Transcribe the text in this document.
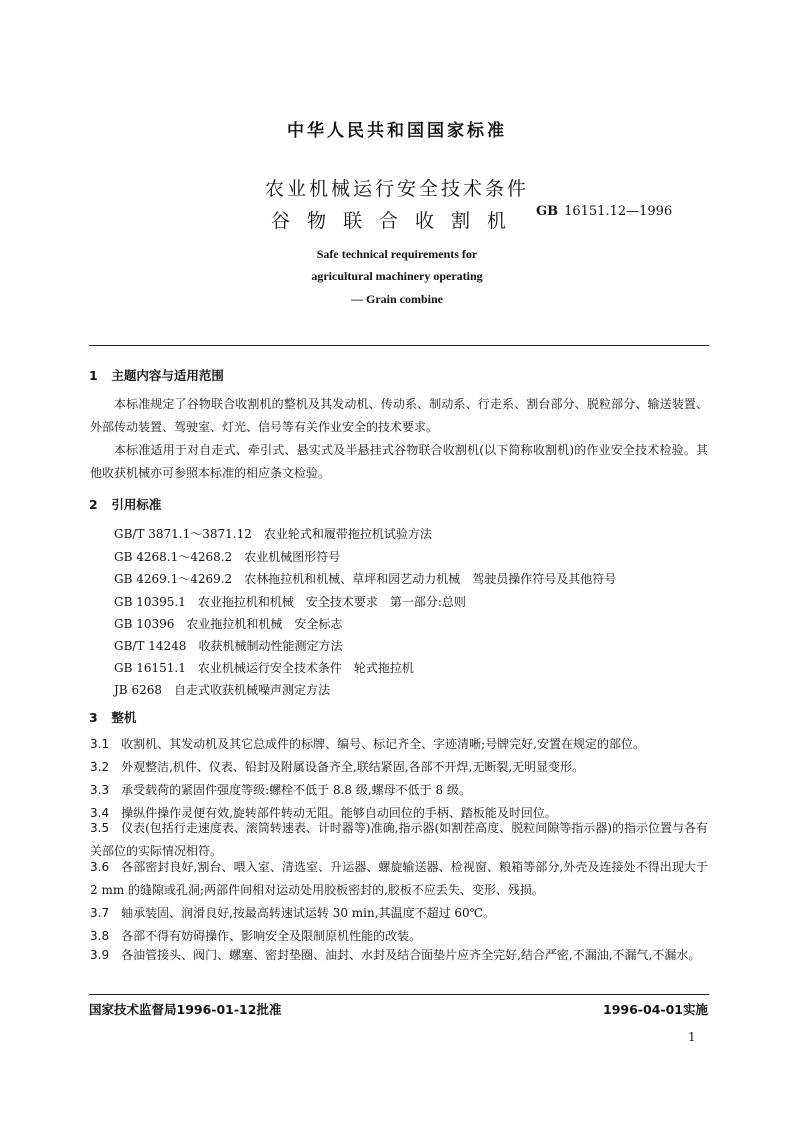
中华人民共和国国家标准
农业机械运行安全技术条件
谷物联合收割机	GB 16151.12—1996
Safe technical requirements for
agricultural machinery operating
— Grain combine
1 主题内容与适用范围
本标准规定了谷物联合收割机的整机及其发动机、传动系、制动系、行走系、割台部分、脱粒部分、输送装置、外部传动装置、驾驶室、灯光、信号等有关作业安全的技术要求。
本标准适用于对自走式、牵引式、悬实式及半悬挂式谷物联合收割机(以下简称收割机)的作业安全技术检验。其他收获机械亦可参照本标准的相应条文检验。
2 引用标准
GB/T 3871.1～3871.12　农业轮式和履带拖拉机试验方法
GB 4268.1～4268.2　农业机械图形符号
GB 4269.1～4269.2　农林拖拉机和机械、草坪和园艺动力机械　驾驶员操作符号及其他符号
GB 10395.1　农业拖拉机和机械　安全技术要求　第一部分:总则
GB 10396　农业拖拉机和机械　安全标志
GB/T 14248　收获机械制动性能测定方法
GB 16151.1　农业机械运行安全技术条件　轮式拖拉机
JB 6268　自走式收获机械噪声测定方法
3 整机
3.1 收割机、其发动机及其它总成件的标牌、编号、标记齐全、字迹清晰;号牌完好,安置在规定的部位。
3.2 外观整洁,机件、仪表、铅封及附属设备齐全,联结紧固,各部不开焊,无断裂,无明显变形。
3.3 承受载荷的紧固件强度等级:螺栓不低于 8.8 级,螺母不低于 8 级。
3.4 操纵件操作灵便有效,旋转部件转动无阻。能够自动回位的手柄、踏板能及时回位。
3.5 仪表(包括行走速度表、滚筒转速表、计时器等)准确,指示器(如割茬高度、脱粒间隙等指示器)的指示位置与各有关部位的实际情况相符。
3.6 各部密封良好,割台、喂入室、清选室、升运器、螺旋输送器、检视窗、粮箱等部分,外壳及连接处不得出现大于 2 mm 的缝隙或孔洞;两部件间相对运动处用胶板密封的,胶板不应丢失、变形、残损。
3.7 轴承装固、润滑良好,按最高转速试运转 30 min,其温度不超过 60℃。
3.8 各部不得有妨碍操作、影响安全及限制原机性能的改装。
3.9 各油管接头、阀门、螺塞、密封垫圈、油封、水封及结合面垫片应齐全完好,结合严密,不漏油,不漏气,不漏水。
国家技术监督局1996-01-12批准	1996-04-01实施
1
